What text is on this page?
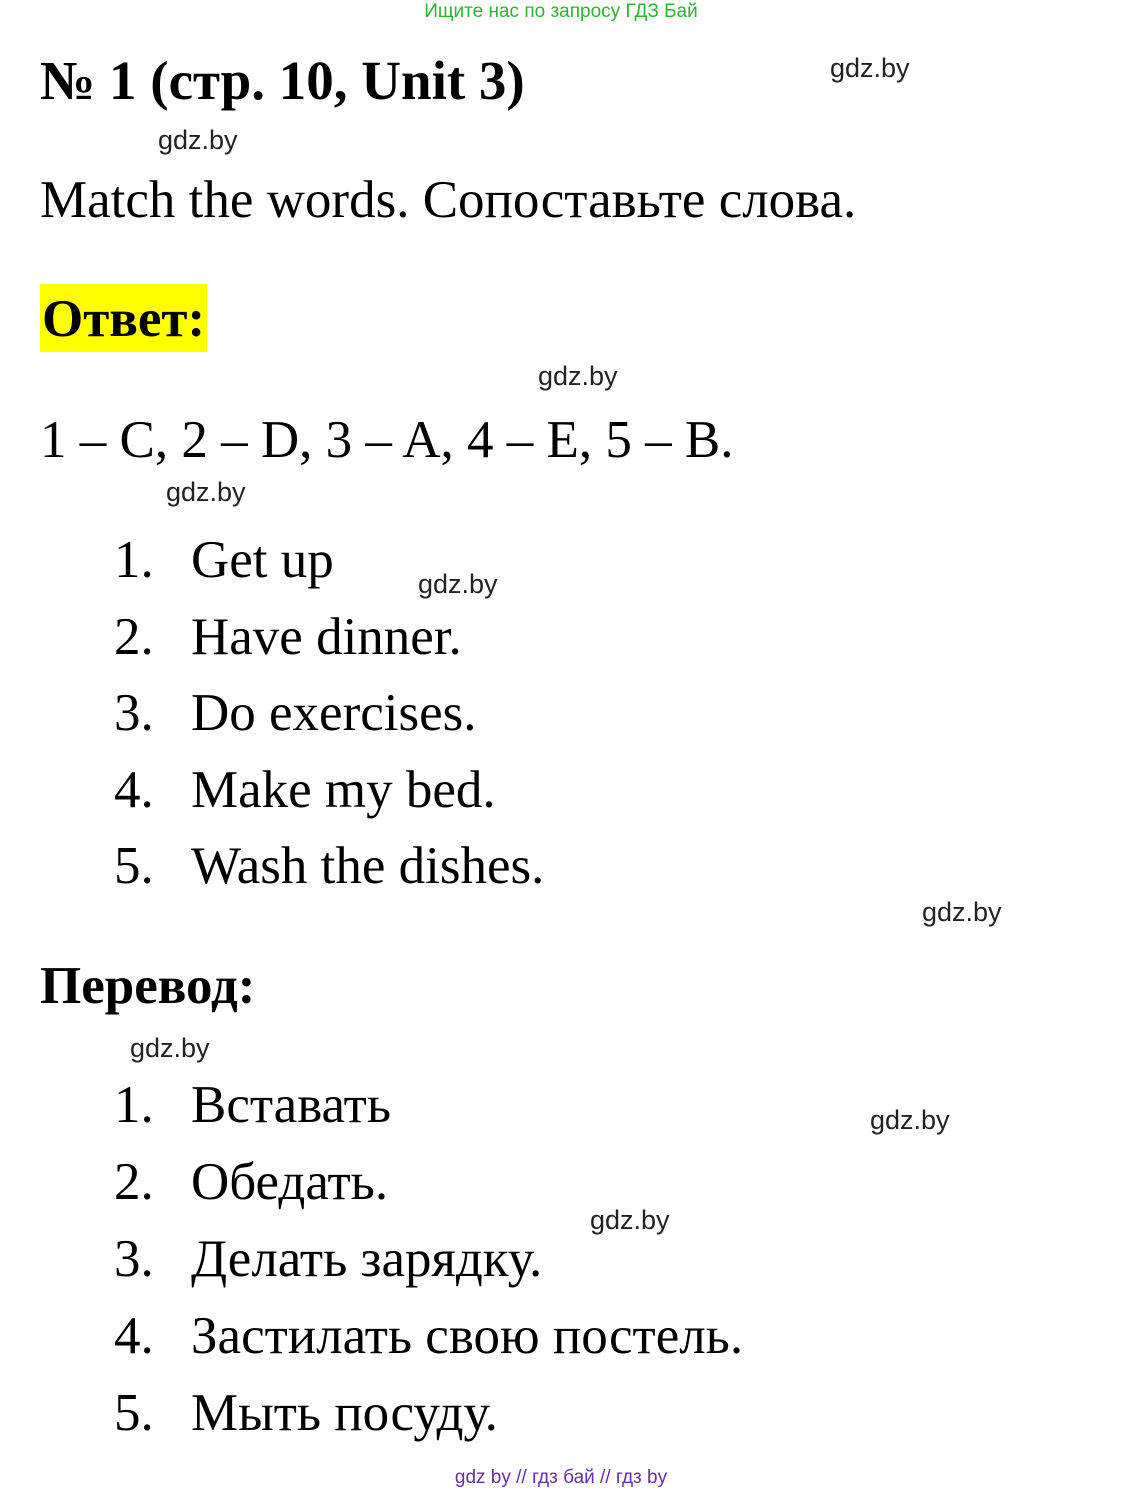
Ищите нас по запросу ГДЗ Бай
№ 1 (стр. 10, Unit 3)
Match the words. Сопоставьте слова.
Ответ:
1 – C, 2 – D, 3 – A, 4 – E, 5 – B.
1. Get up
2. Have dinner.
3. Do exercises.
4. Make my bed.
5. Wash the dishes.
Перевод:
1. Вставать
2. Обедать.
3. Делать зарядку.
4. Застилать свою постель.
5. Мыть посуду.
gdz.by
gdz.by
gdz.by
gdz.by
gdz.by
gdz.by
gdz.by
gdz.by
gdz.by
gdz by // гдз бай // гдз by
